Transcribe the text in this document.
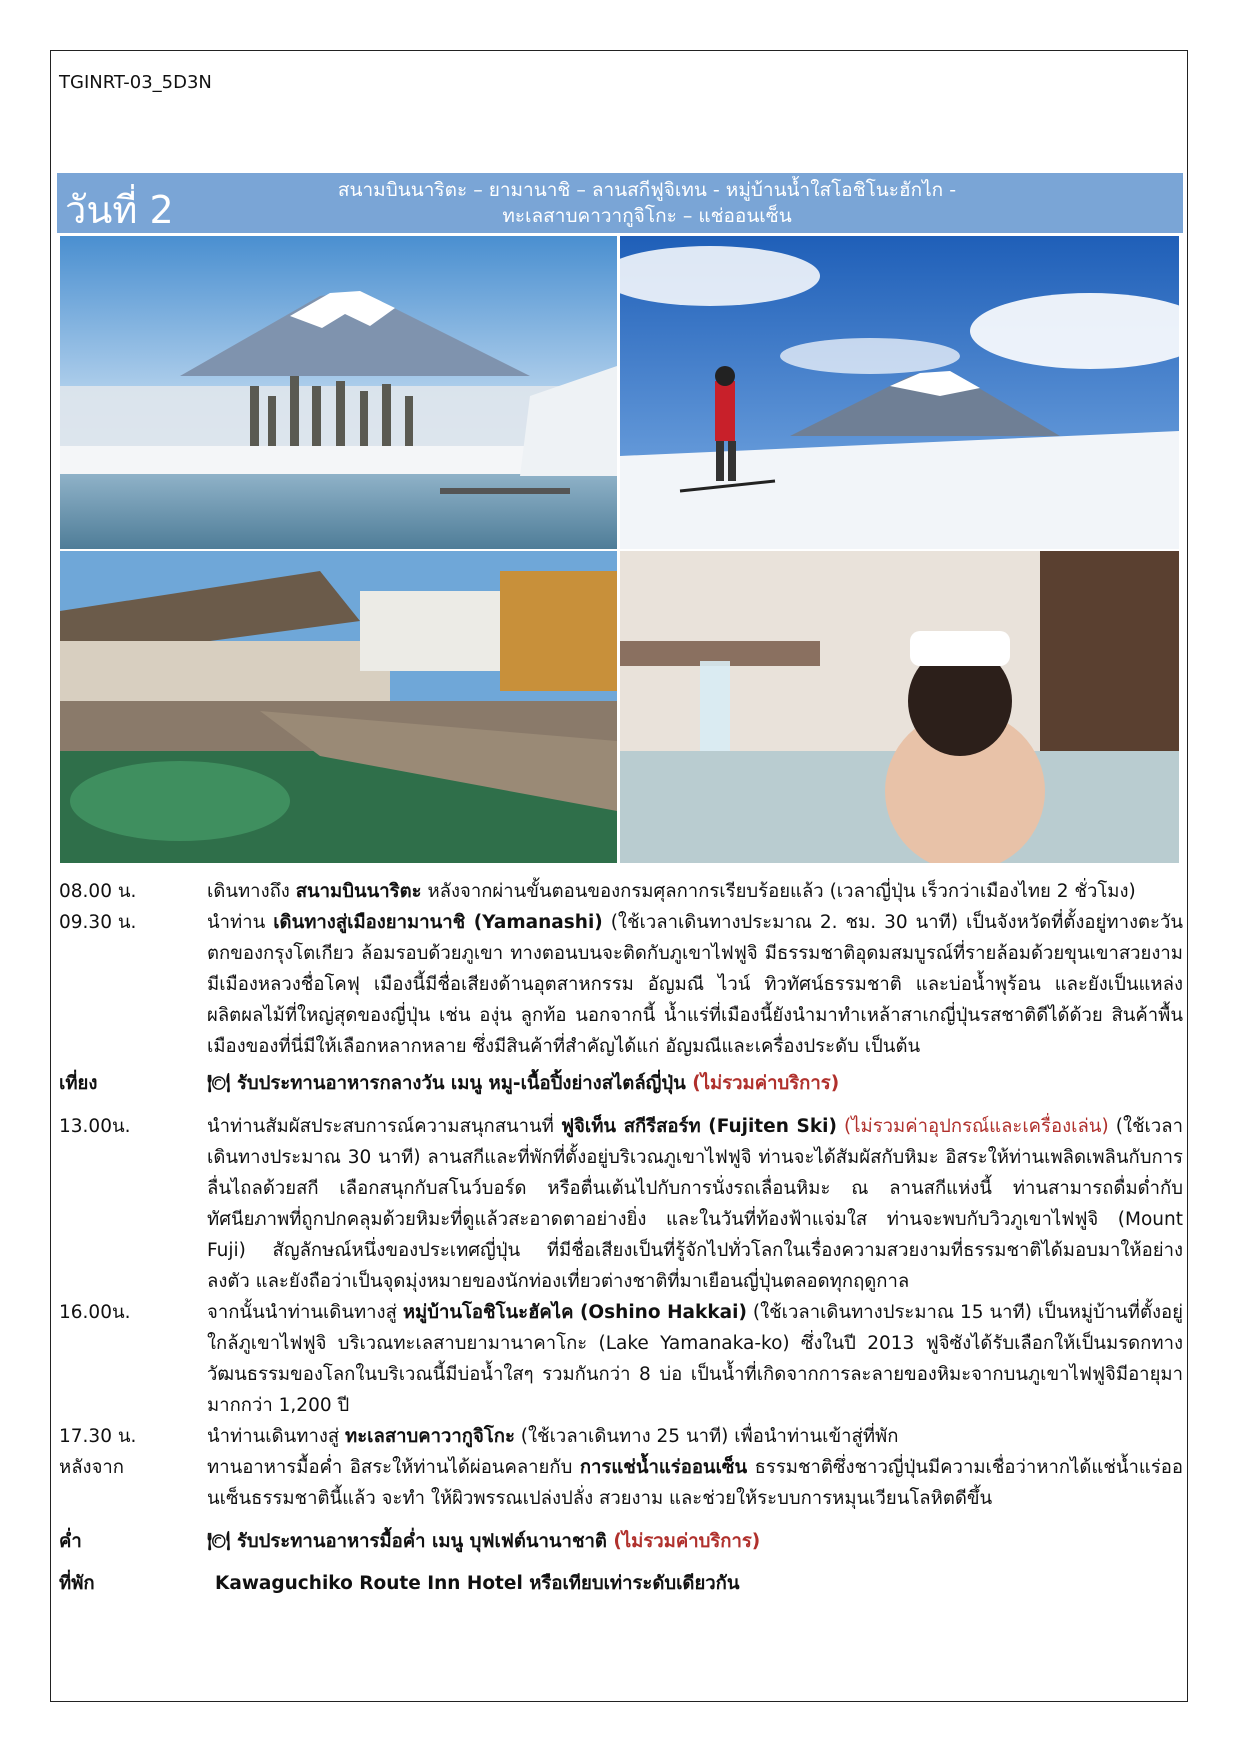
TGINRT-03_5D3N
วันที่ 2	สนามบินนาริตะ – ยามานาชิ – ลานสกีฟูจิเทน - หมู่บ้านน้ำใสโอชิโนะฮักไก -
ทะเลสาบคาวากูจิโกะ – แช่ออนเซ็น
08.00 น.	เดินทางถึง สนามบินนาริตะ หลังจากผ่านขั้นตอนของกรมศุลกากรเรียบร้อยแล้ว (เวลาญี่ปุ่น เร็วกว่าเมืองไทย 2 ชั่วโมง)
09.30 น.	นำท่าน เดินทางสู่เมืองยามานาชิ (Yamanashi) (ใช้เวลาเดินทางประมาณ 2. ชม. 30 นาที) เป็นจังหวัดที่ตั้งอยู่ทางตะวันตกของกรุงโตเกียว ล้อมรอบด้วยภูเขา ทางตอนบนจะติดกับภูเขาไฟฟูจิ มีธรรมชาติอุดมสมบูรณ์ที่รายล้อมด้วยขุนเขาสวยงาม มีเมืองหลวงชื่อโคฟุ เมืองนี้มีชื่อเสียงด้านอุตสาหกรรม อัญมณี ไวน์ ทิวทัศน์ธรรมชาติ และบ่อน้ำพุร้อน และยังเป็นแหล่งผลิตผลไม้ที่ใหญ่สุดของญี่ปุ่น เช่น องุ่น ลูกท้อ นอกจากนี้ น้ำแร่ที่เมืองนี้ยังนำมาทำเหล้าสาเกญี่ปุ่นรสชาติดีได้ด้วย สินค้าพื้นเมืองของที่นี่มีให้เลือกหลากหลาย ซึ่งมีสินค้าที่สำคัญได้แก่ อัญมณีและเครื่องประดับ เป็นต้น
เที่ยง	🍽 รับประทานอาหารกลางวัน เมนู หมู-เนื้อปิ้งย่างสไตล์ญี่ปุ่น (ไม่รวมค่าบริการ)
13.00น.	นำท่านสัมผัสประสบการณ์ความสนุกสนานที่ ฟูจิเท็น สกีรีสอร์ท (Fujiten Ski) (ไม่รวมค่าอุปกรณ์และเครื่องเล่น) (ใช้เวลาเดินทางประมาณ 30 นาที) ลานสกีและที่พักที่ตั้งอยู่บริเวณภูเขาไฟฟูจิ ท่านจะได้สัมผัสกับหิมะ อิสระให้ท่านเพลิดเพลินกับการลื่นไถลด้วยสกี เลือกสนุกกับสโนว์บอร์ด หรือตื่นเต้นไปกับการนั่งรถเลื่อนหิมะ ณ ลานสกีแห่งนี้ ท่านสามารถดื่มด่ำกับทัศนียภาพที่ถูกปกคลุมด้วยหิมะที่ดูแล้วสะอาดตาอย่างยิ่ง และในวันที่ท้องฟ้าแจ่มใส ท่านจะพบกับวิวภูเขาไฟฟูจิ (Mount Fuji) สัญลักษณ์หนึ่งของประเทศญี่ปุ่น ที่มีชื่อเสียงเป็นที่รู้จักไปทั่วโลกในเรื่องความสวยงามที่ธรรมชาติได้มอบมาให้อย่างลงตัว และยังถือว่าเป็นจุดมุ่งหมายของนักท่องเที่ยวต่างชาติที่มาเยือนญี่ปุ่นตลอดทุกฤดูกาล
16.00น.	จากนั้นนำท่านเดินทางสู่ หมู่บ้านโอชิโนะฮัคไค (Oshino Hakkai) (ใช้เวลาเดินทางประมาณ 15 นาที) เป็นหมู่บ้านที่ตั้งอยู่ใกล้ภูเขาไฟฟูจิ บริเวณทะเลสาบยามานาคาโกะ (Lake Yamanaka-ko) ซึ่งในปี 2013 ฟูจิซังได้รับเลือกให้เป็นมรดกทางวัฒนธรรมของโลกในบริเวณนี้มีบ่อน้ำใสๆ รวมกันกว่า 8 บ่อ เป็นน้ำที่เกิดจากการละลายของหิมะจากบนภูเขาไฟฟูจิมีอายุมามากกว่า 1,200 ปี
17.30 น.	นำท่านเดินทางสู่ ทะเลสาบคาวากูจิโกะ (ใช้เวลาเดินทาง 25 นาที) เพื่อนำท่านเข้าสู่ที่พัก
หลังจาก	ทานอาหารมื้อค่ำ อิสระให้ท่านได้ผ่อนคลายกับ การแช่น้ำแร่ออนเซ็น ธรรมชาติซึ่งชาวญี่ปุ่นมีความเชื่อว่าหากได้แช่น้ำแร่ออนเซ็นธรรมชาตินี้แล้ว จะทำ ให้ผิวพรรณเปล่งปลั่ง สวยงาม และช่วยให้ระบบการหมุนเวียนโลหิตดีขึ้น
ค่ำ	🍽 รับประทานอาหารมื้อค่ำ เมนู บุฟเฟต์นานาชาติ (ไม่รวมค่าบริการ)
ที่พัก	Kawaguchiko Route Inn Hotel หรือเทียบเท่าระดับเดียวกัน
